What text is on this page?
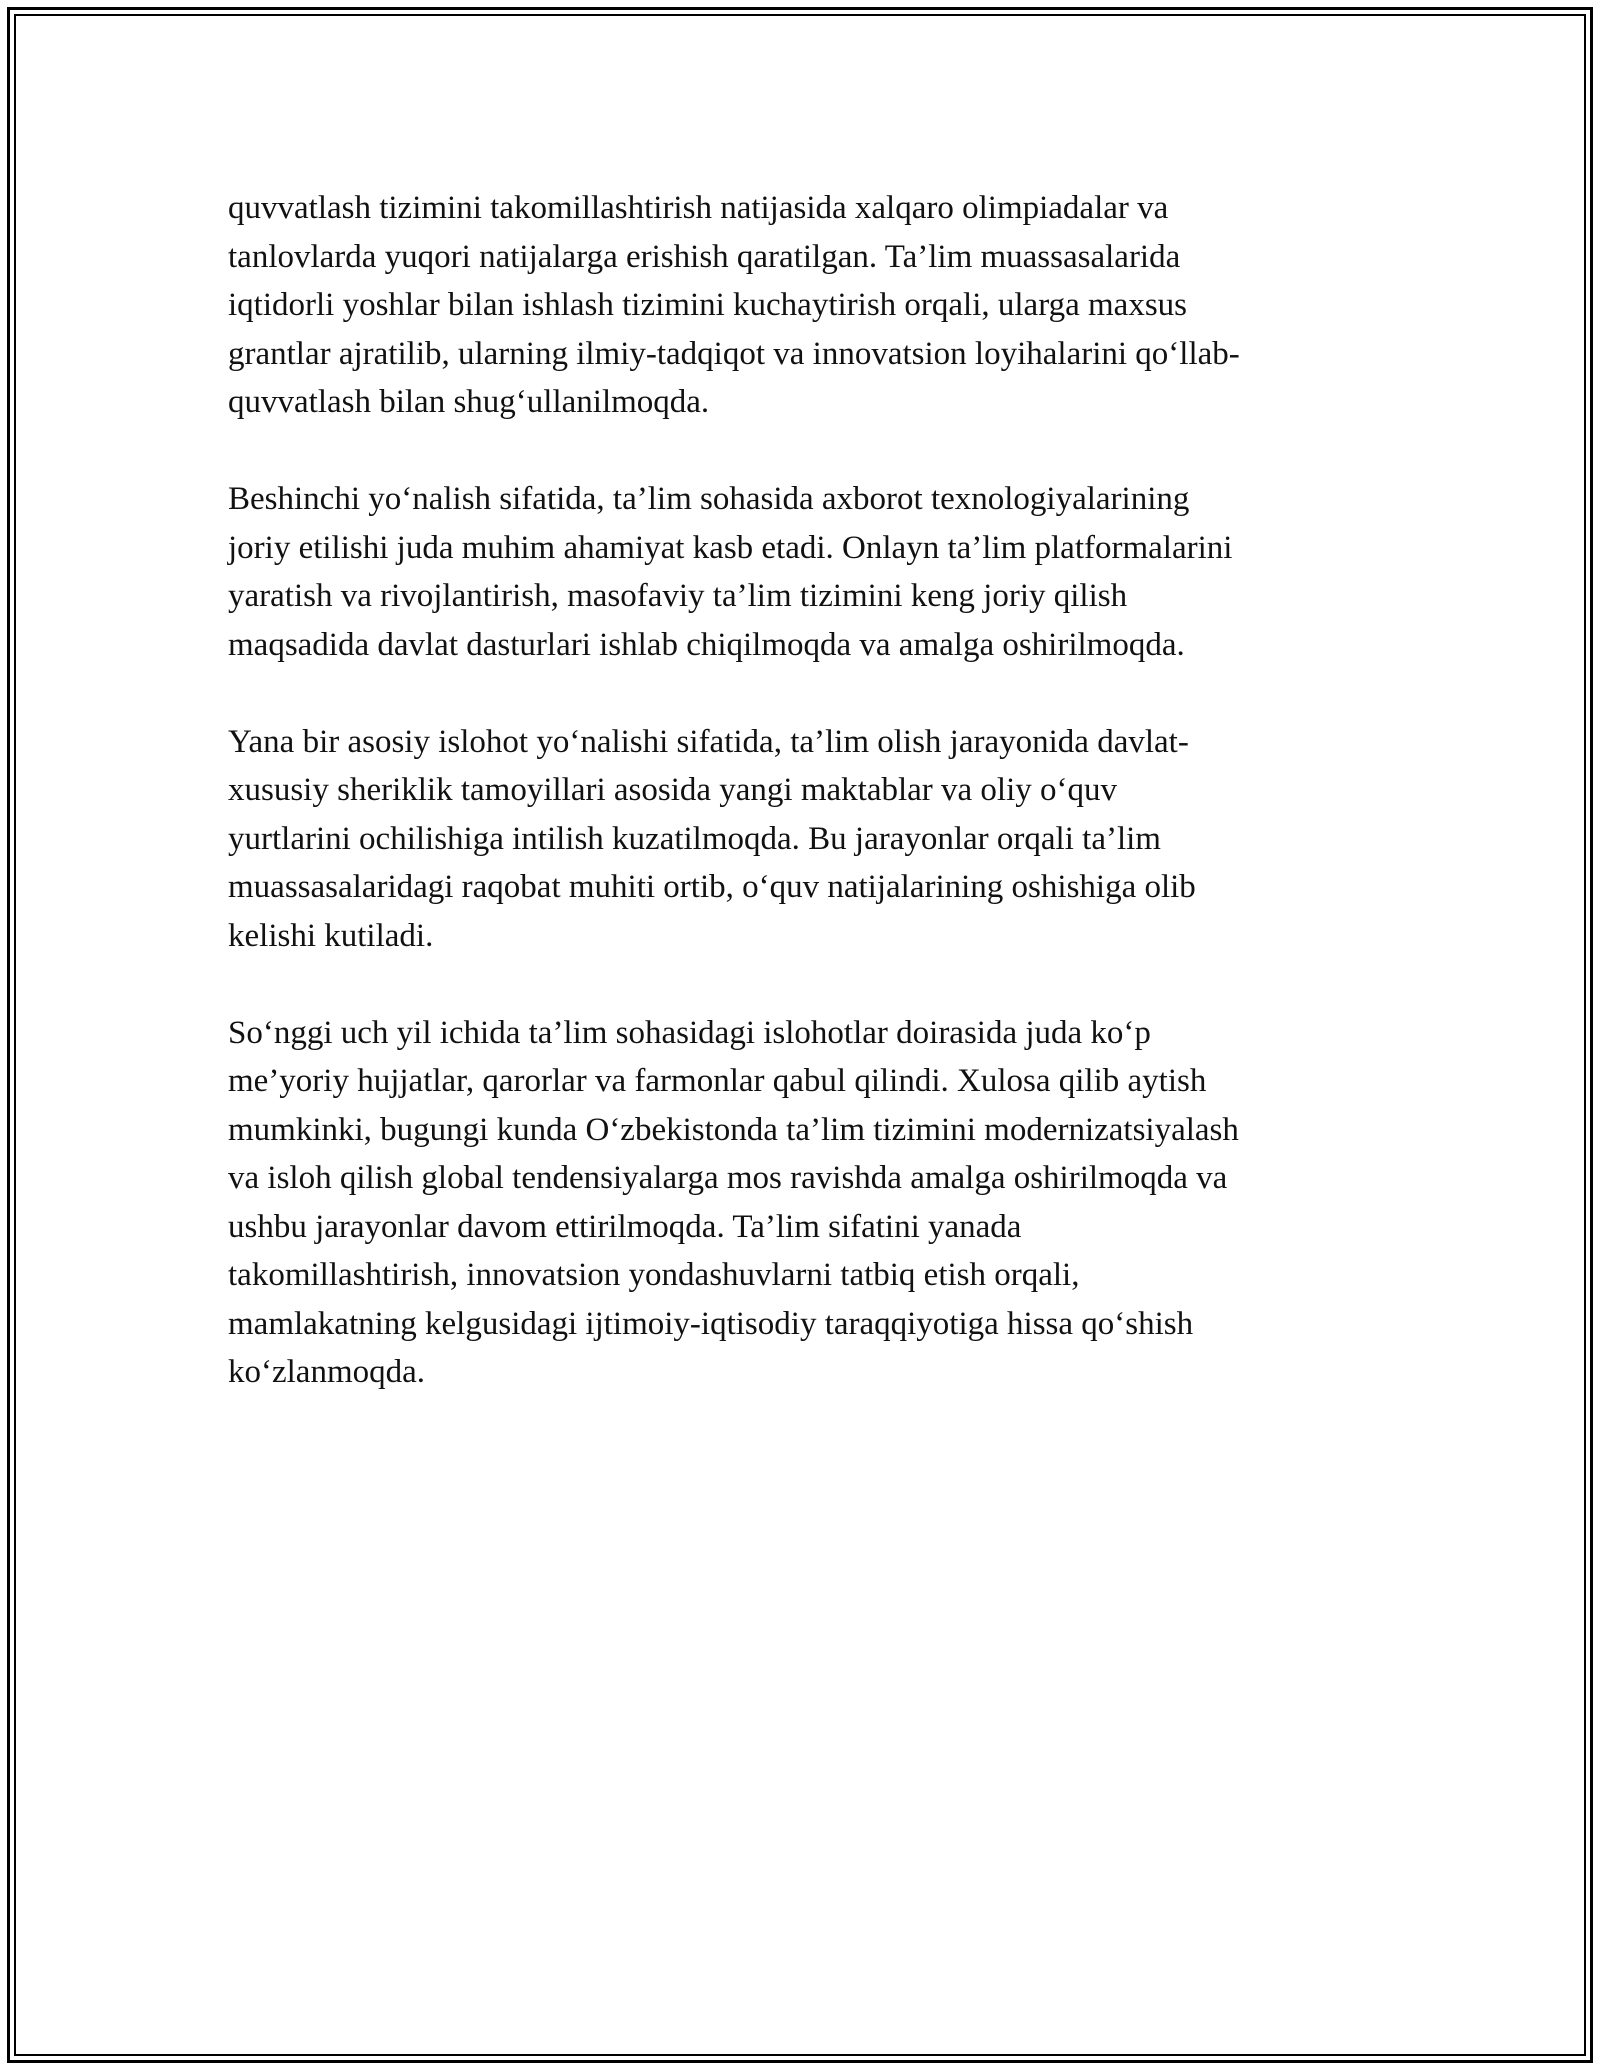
quvvatlash tizimini takomillashtirish natijasida xalqaro olimpiadalar va
tanlovlarda yuqori natijalarga erishish qaratilgan. Ta’lim muassasalarida
iqtidorli yoshlar bilan ishlash tizimini kuchaytirish orqali, ularga maxsus
grantlar ajratilib, ularning ilmiy-tadqiqot va innovatsion loyihalarini qo‘llab-
quvvatlash bilan shug‘ullanilmoqda.

Beshinchi yo‘nalish sifatida, ta’lim sohasida axborot texnologiyalarining
joriy etilishi juda muhim ahamiyat kasb etadi. Onlayn ta’lim platformalarini
yaratish va rivojlantirish, masofaviy ta’lim tizimini keng joriy qilish
maqsadida davlat dasturlari ishlab chiqilmoqda va amalga oshirilmoqda.

Yana bir asosiy islohot yo‘nalishi sifatida, ta’lim olish jarayonida davlat-
xususiy sheriklik tamoyillari asosida yangi maktablar va oliy o‘quv
yurtlarini ochilishiga intilish kuzatilmoqda. Bu jarayonlar orqali ta’lim
muassasalaridagi raqobat muhiti ortib, o‘quv natijalarining oshishiga olib
kelishi kutiladi.

So‘nggi uch yil ichida ta’lim sohasidagi islohotlar doirasida juda ko‘p
me’yoriy hujjatlar, qarorlar va farmonlar qabul qilindi. Xulosa qilib aytish
mumkinki, bugungi kunda O‘zbekistonda ta’lim tizimini modernizatsiyalash
va isloh qilish global tendensiyalarga mos ravishda amalga oshirilmoqda va
ushbu jarayonlar davom ettirilmoqda. Ta’lim sifatini yanada
takomillashtirish, innovatsion yondashuvlarni tatbiq etish orqali,
mamlakatning kelgusidagi ijtimoiy-iqtisodiy taraqqiyotiga hissa qo‘shish
ko‘zlanmoqda.
